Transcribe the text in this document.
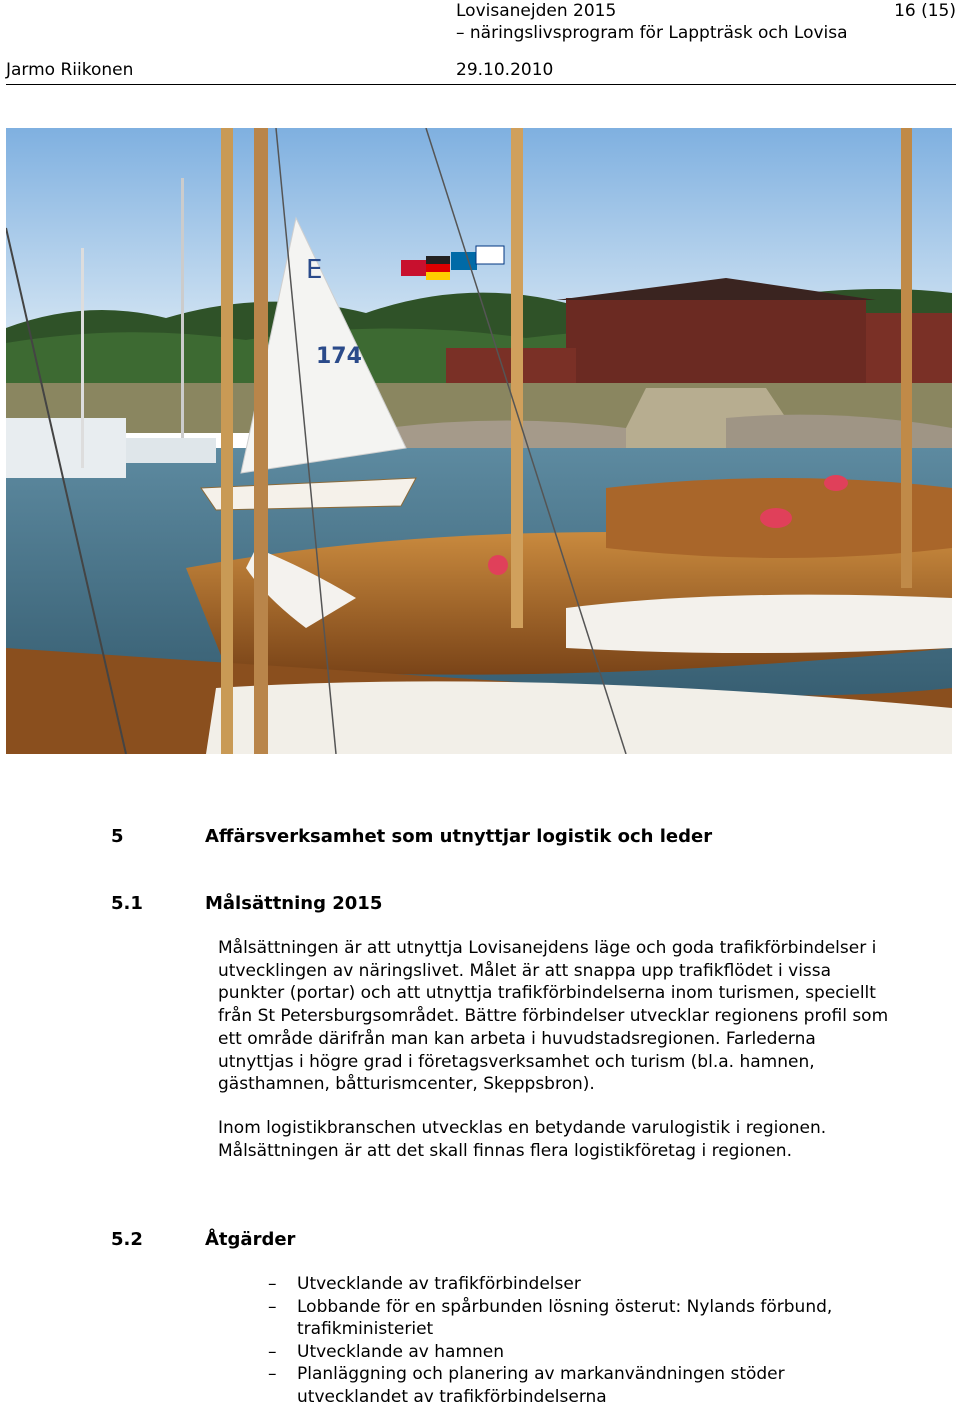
Lovisanejden 2015	16 (15)
– näringslivsprogram för Lappträsk och Lovisa
Jarmo Riikonen	29.10.2010
E
174
5	Affärsverksamhet som utnyttjar logistik och leder
5.1	Målsättning 2015
Målsättningen är att utnyttja Lovisanejdens läge och goda trafikförbindelser i
utvecklingen av näringslivet. Målet är att snappa upp trafikflödet i vissa
punkter (portar) och att utnyttja trafikförbindelserna inom turismen, speciellt
från St Petersburgsområdet. Bättre förbindelser utvecklar regionens profil som
ett område därifrån man kan arbeta i huvudstadsregionen. Farlederna
utnyttjas i högre grad i företagsverksamhet och turism (bl.a. hamnen,
gästhamnen, båtturismcenter, Skeppsbron).
Inom logistikbranschen utvecklas en betydande varulogistik i regionen.
Målsättningen är att det skall finnas flera logistikföretag i regionen.
5.2	Åtgärder
– Utvecklande av trafikförbindelser
– Lobbande för en spårbunden lösning österut: Nylands förbund,
trafikministeriet
– Utvecklande av hamnen
– Planläggning och planering av markanvändningen stöder
utvecklandet av trafikförbindelserna
